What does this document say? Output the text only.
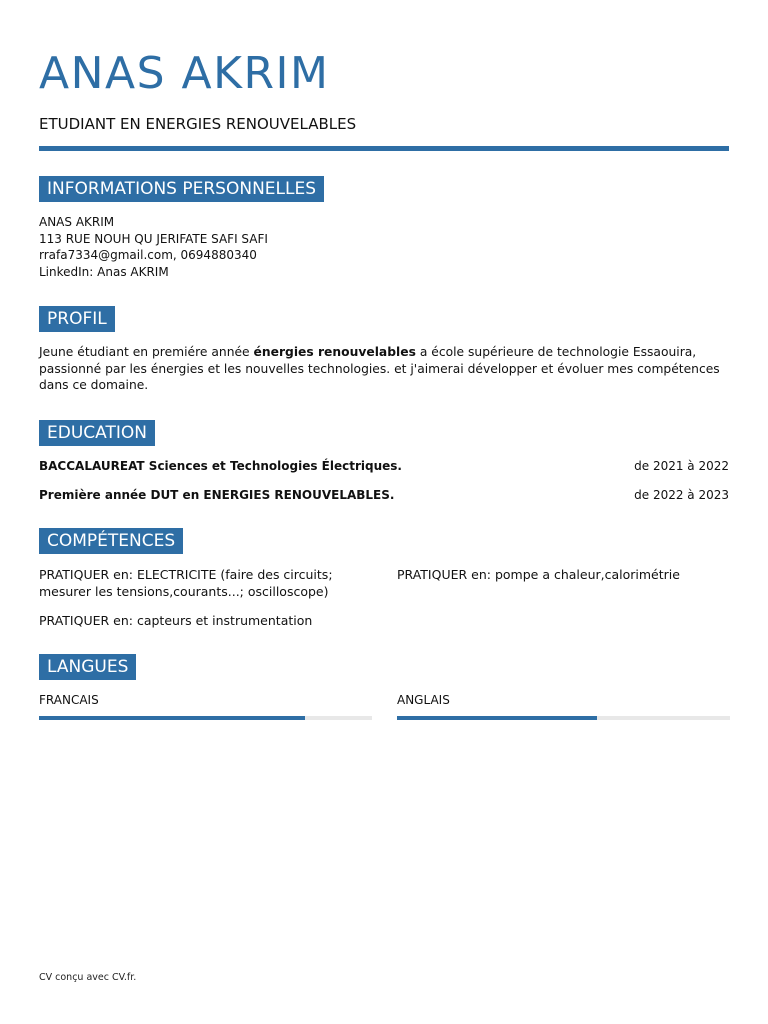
ANAS AKRIM
ETUDIANT EN ENERGIES RENOUVELABLES
INFORMATIONS PERSONNELLES
ANAS AKRIM
113 RUE NOUH QU JERIFATE SAFI SAFI
rrafa7334@gmail.com, 0694880340
LinkedIn: Anas AKRIM
PROFIL
Jeune étudiant en premiére année énergies renouvelables a école supérieure de technologie Essaouira, passionné par les énergies et les nouvelles technologies. et j'aimerai développer et évoluer mes compétences dans ce domaine.
EDUCATION
BACCALAUREAT Sciences et Technologies Électriques.	de 2021 à 2022
Première année DUT en ENERGIES RENOUVELABLES.	de 2022 à 2023
COMPÉTENCES
PRATIQUER en: ELECTRICITE (faire des circuits; mesurer les tensions,courants...; oscilloscope)
PRATIQUER en: pompe a chaleur,calorimétrie
PRATIQUER en: capteurs et instrumentation
LANGUES
FRANCAIS	ANGLAIS
CV conçu avec CV.fr.
